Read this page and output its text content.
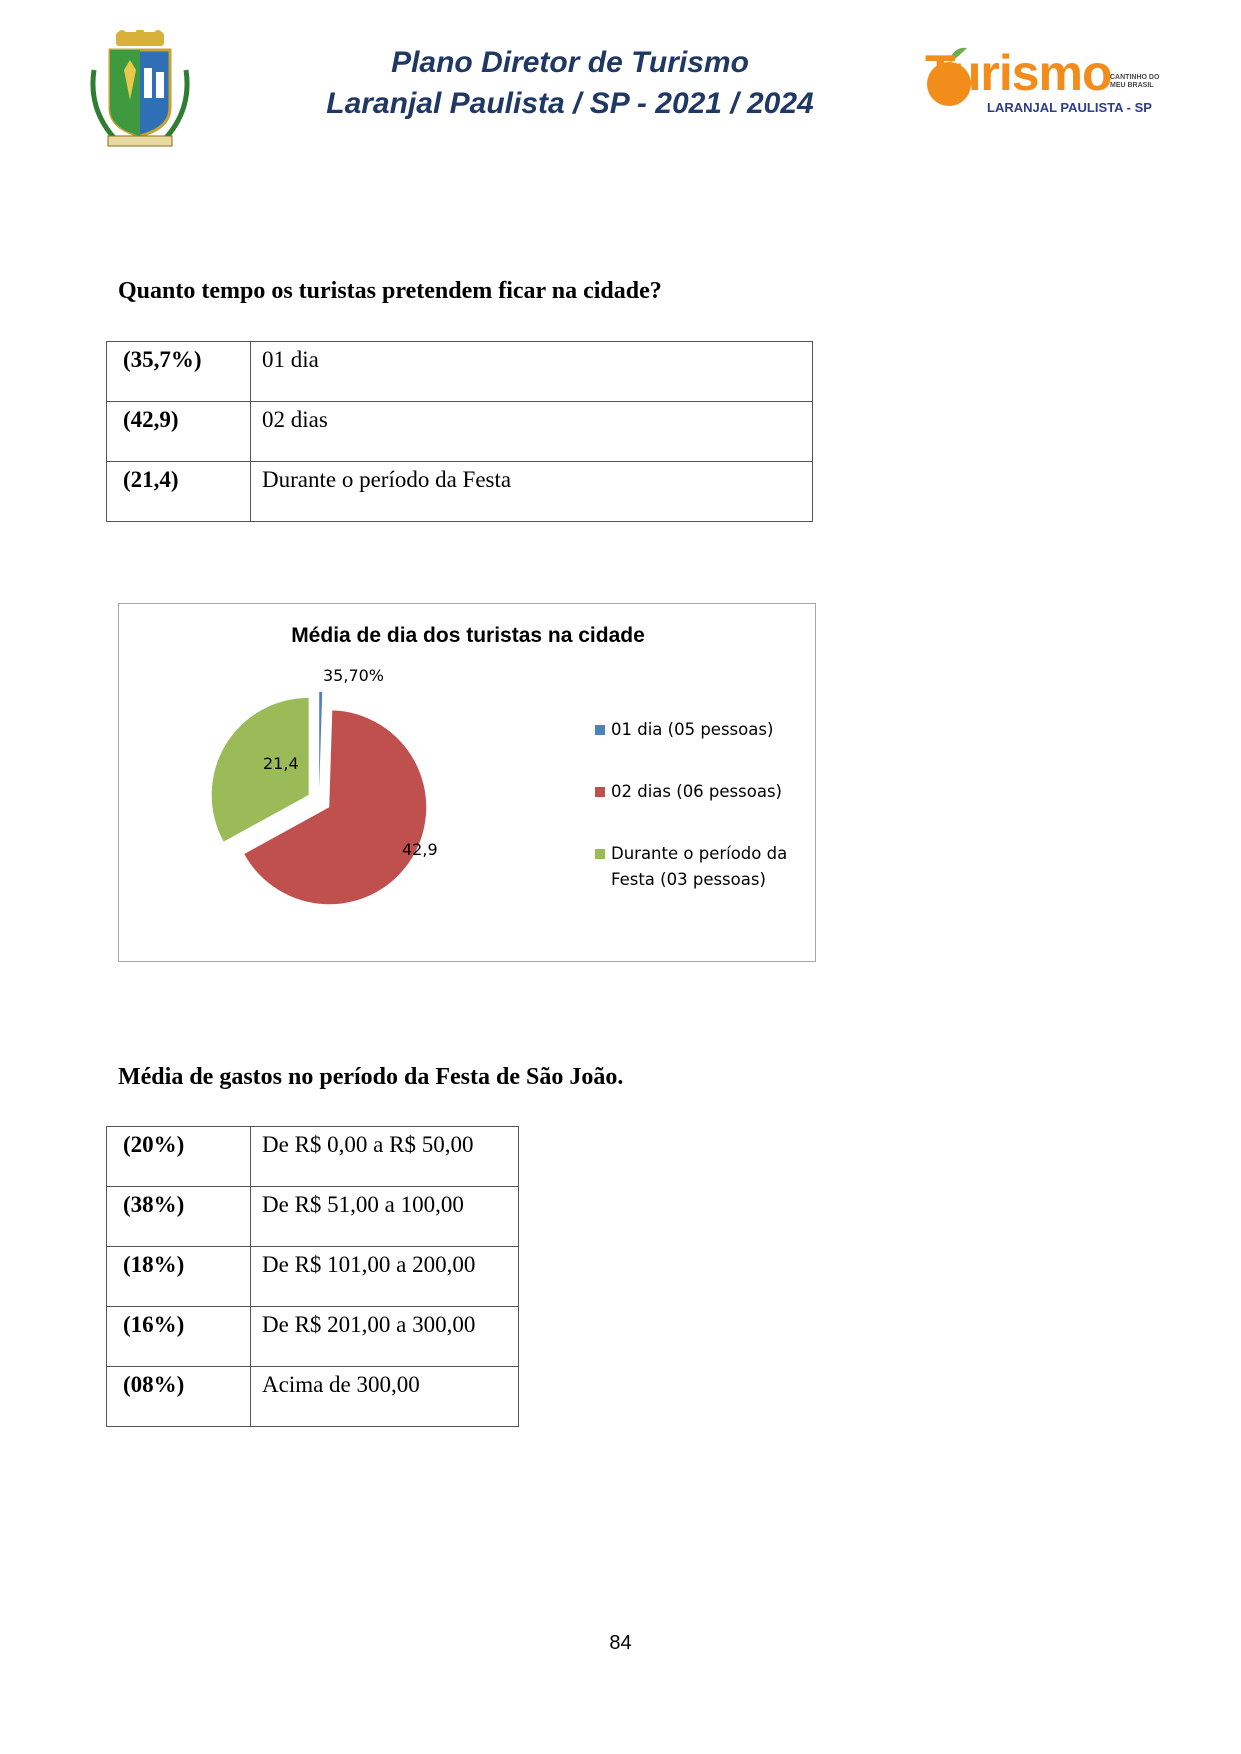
Plano Diretor de Turismo
Laranjal Paulista / SP - 2021 / 2024
Turismo
CANTINHO DO MEU BRASIL
LARANJAL PAULISTA - SP
Quanto tempo os turistas pretendem ficar na cidade?
(35,7%)	01 dia
(42,9)	02 dias
(21,4)	Durante o período da Festa
Média de dia dos turistas na cidade
35,70%
42,9
21,4
01 dia (05 pessoas)
02 dias (06 pessoas)
Durante o período da Festa (03 pessoas)
Média de gastos no período da Festa de São João.
(20%)	De R$ 0,00 a R$ 50,00
(38%)	De R$ 51,00 a 100,00
(18%)	De R$ 101,00 a 200,00
(16%)	De R$ 201,00 a 300,00
(08%)	Acima de 300,00
84
